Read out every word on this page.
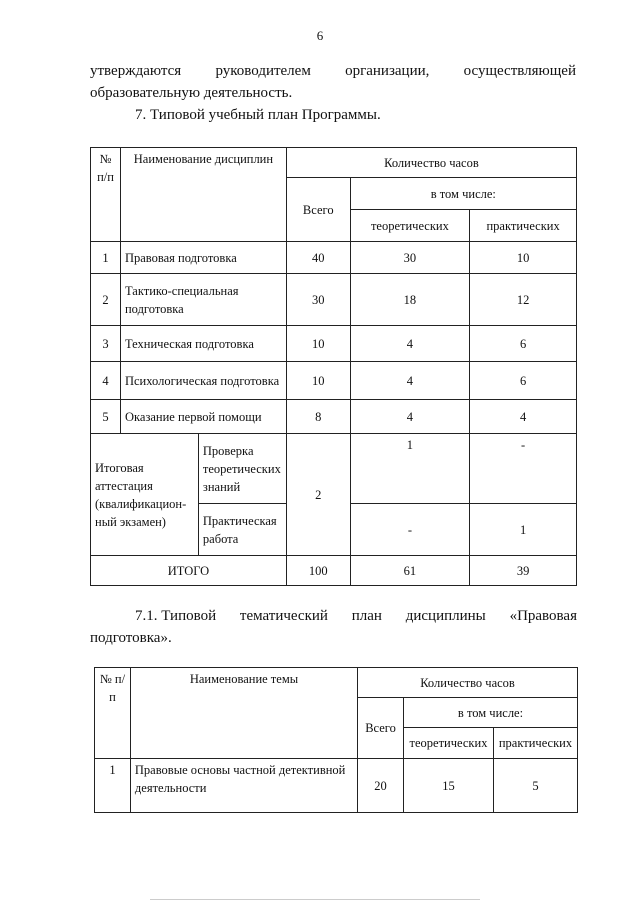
6
утверждаются руководителем организации, осуществляющей
образовательную деятельность.
7. Типовой учебный план Программы.
№ п/п	Наименование дисциплин		Количество часов		
			Всего	в том числе:	
				теоретических	практических
1	Правовая подготовка		40	30	10
2	Тактико-специальная подготовка		30	18	12
3	Техническая подготовка		10	4	6
4	Психологическая подготовка		10	4	6
5	Оказание первой помощи		8	4	4
Итоговая аттестация (квалификацион-ный экзамен)		Проверка теоретических знаний	2	1	-
		Практическая работа		-	1
ИТОГО			100	61	39
7.1. Типовой тематический план дисциплины «Правовая
подготовка».
№ п/п	Наименование темы	Количество часов		
		Всего	в том числе:	
			теоретических	практических
1	Правовые основы частной детективной деятельности	20	15	5
